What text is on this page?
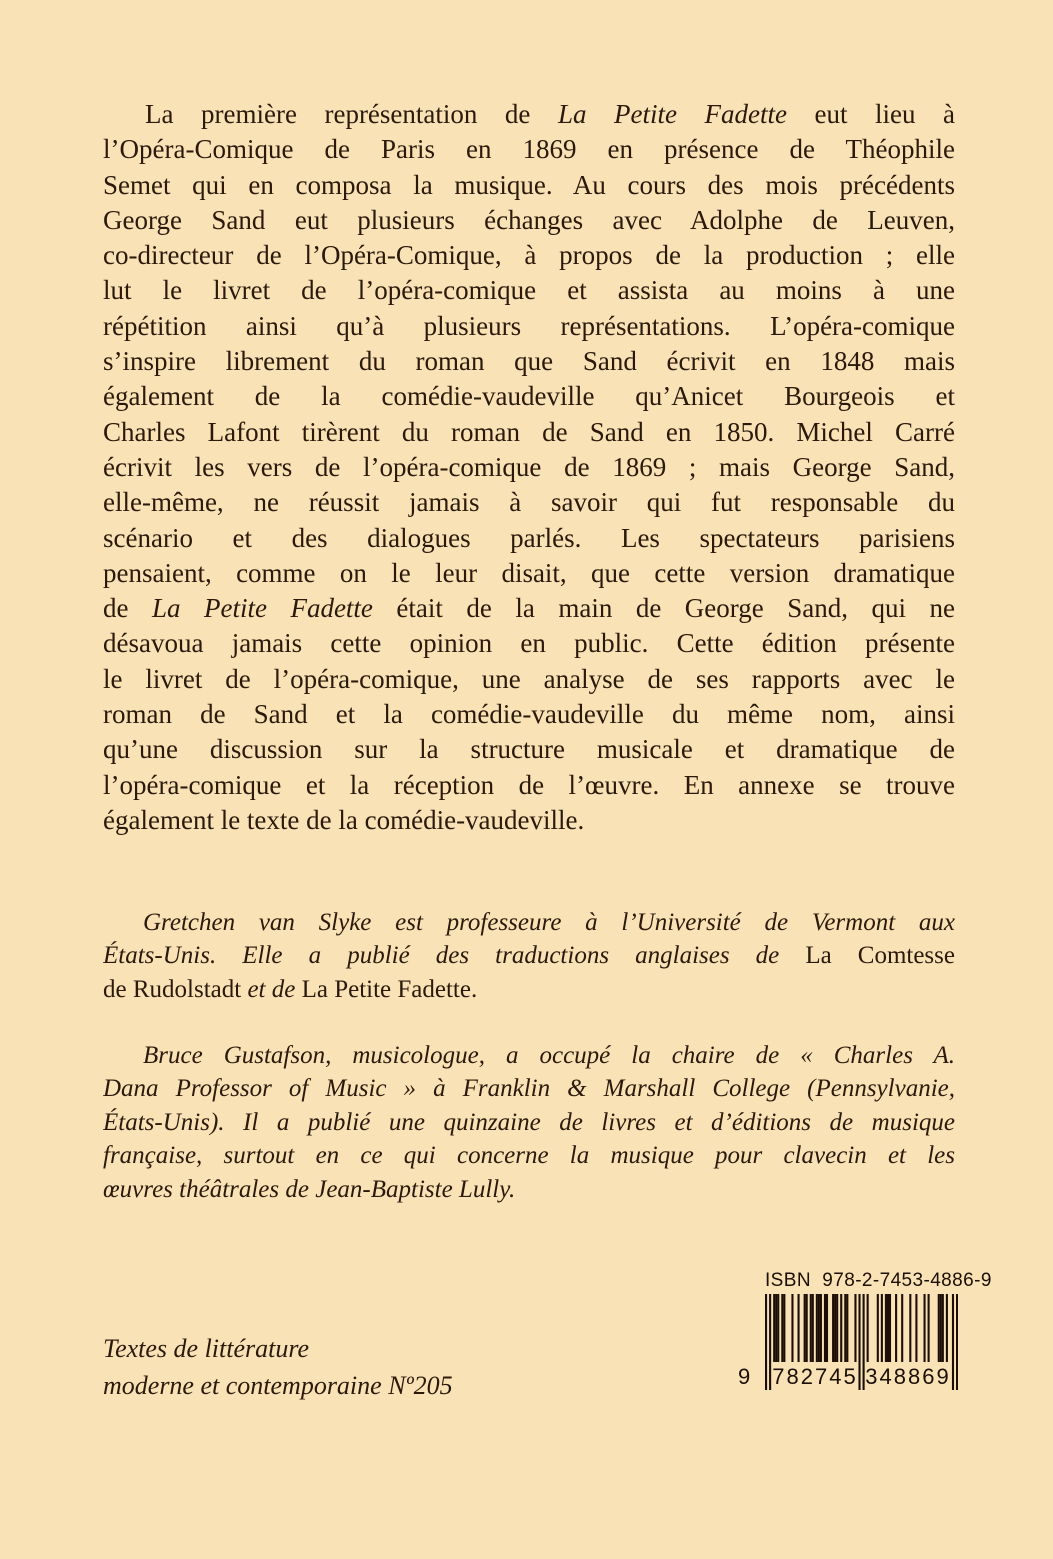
La première représentation de La Petite Fadette eut lieu à
l’Opéra-Comique de Paris en 1869 en présence de Théophile
Semet qui en composa la musique. Au cours des mois précédents
George Sand eut plusieurs échanges avec Adolphe de Leuven,
co-directeur de l’Opéra-Comique, à propos de la production ; elle
lut le livret de l’opéra-comique et assista au moins à une
répétition ainsi qu’à plusieurs représentations. L’opéra-comique
s’inspire librement du roman que Sand écrivit en 1848 mais
également de la comédie-vaudeville qu’Anicet Bourgeois et
Charles Lafont tirèrent du roman de Sand en 1850. Michel Carré
écrivit les vers de l’opéra-comique de 1869 ; mais George Sand,
elle-même, ne réussit jamais à savoir qui fut responsable du
scénario et des dialogues parlés. Les spectateurs parisiens
pensaient, comme on le leur disait, que cette version dramatique
de La Petite Fadette était de la main de George Sand, qui ne
désavoua jamais cette opinion en public. Cette édition présente
le livret de l’opéra-comique, une analyse de ses rapports avec le
roman de Sand et la comédie-vaudeville du même nom, ainsi
qu’une discussion sur la structure musicale et dramatique de
l’opéra-comique et la réception de l’œuvre. En annexe se trouve
également le texte de la comédie-vaudeville.
Gretchen van Slyke est professeure à l’Université de Vermont aux
États-Unis. Elle a publié des traductions anglaises de La Comtesse
de Rudolstadt et de La Petite Fadette.
Bruce Gustafson, musicologue, a occupé la chaire de « Charles A.
Dana Professor of Music » à Franklin & Marshall College (Pennsylvanie,
États-Unis). Il a publié une quinzaine de livres et d’éditions de musique
française, surtout en ce qui concerne la musique pour clavecin et les
œuvres théâtrales de Jean-Baptiste Lully.
Textes de littérature
moderne et contemporaine Nº205
ISBN  978-2-7453-4886-9
9	782745 348869
